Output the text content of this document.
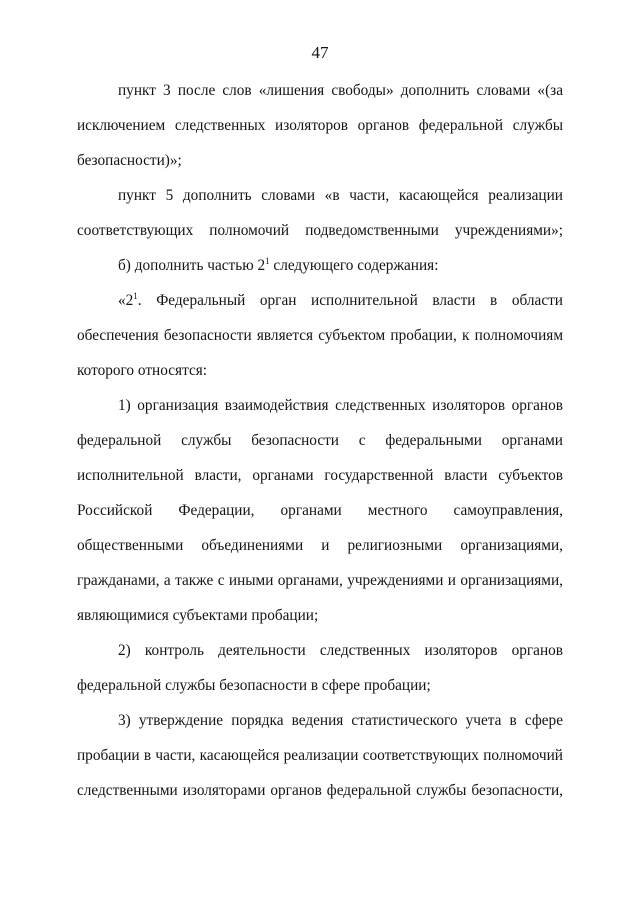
47
пункт 3 после слов «лишения свободы» дополнить словами «(за
исключением следственных изоляторов органов федеральной службы
безопасности)»;
пункт 5 дополнить словами «в части, касающейся реализации
соответствующих полномочий подведомственными учреждениями»;
б) дополнить частью $2^1$ следующего содержания:
«$2^1$. Федеральный орган исполнительной власти в области
обеспечения безопасности является субъектом пробации, к полномочиям
которого относятся:
1) организация взаимодействия следственных изоляторов органов
федеральной службы безопасности с федеральными органами
исполнительной власти, органами государственной власти субъектов
Российской Федерации, органами местного самоуправления,
общественными объединениями и религиозными организациями,
гражданами, а также с иными органами, учреждениями и организациями,
являющимися субъектами пробации;
2) контроль деятельности следственных изоляторов органов
федеральной службы безопасности в сфере пробации;
3) утверждение порядка ведения статистического учета в сфере
пробации в части, касающейся реализации соответствующих полномочий
следственными изоляторами органов федеральной службы безопасности,
